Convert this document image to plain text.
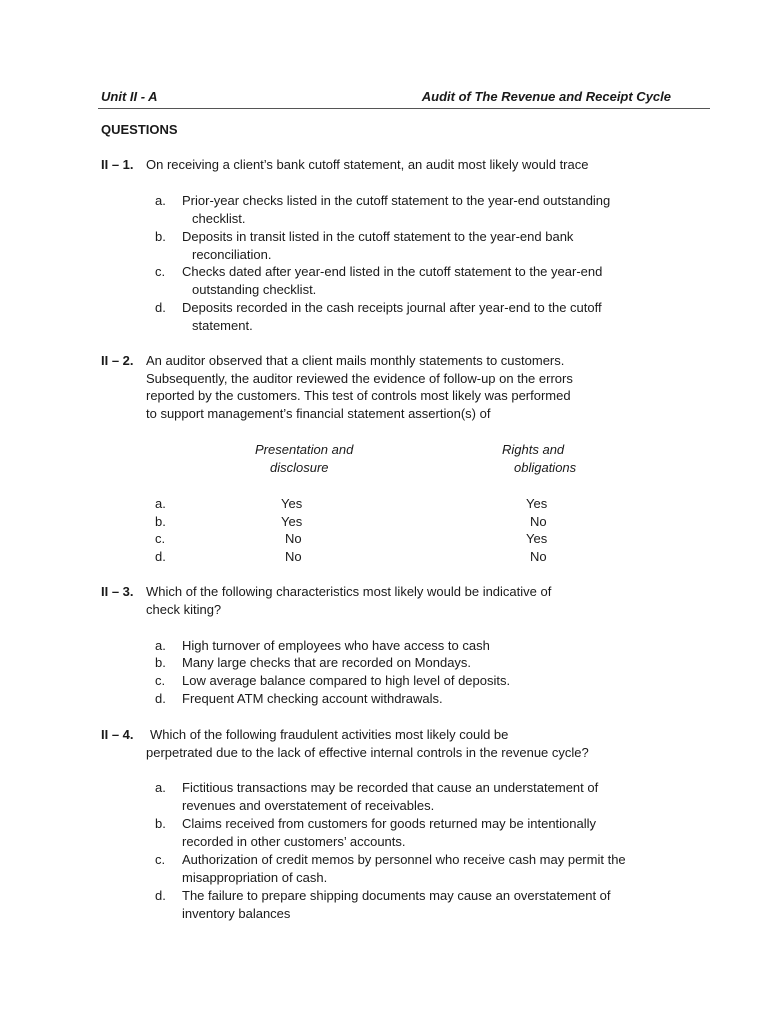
Unit II - A	Audit of The Revenue and Receipt Cycle
QUESTIONS
II – 1. On receiving a client’s bank cutoff statement, an audit most likely would trace
a. Prior-year checks listed in the cutoff statement to the year-end outstanding
checklist.
b. Deposits in transit listed in the cutoff statement to the year-end bank
reconciliation.
c. Checks dated after year-end listed in the cutoff statement to the year-end
outstanding checklist.
d. Deposits recorded in the cash receipts journal after year-end to the cutoff
statement.
II – 2. An auditor observed that a client mails monthly statements to customers.
Subsequently, the auditor reviewed the evidence of follow-up on the errors
reported by the customers. This test of controls most likely was performed
to support management’s financial statement assertion(s) of
Presentation and
disclosure
Rights and
obligations
a.	Yes	Yes
b.	Yes	No
c.	No	Yes
d.	No	No
II – 3. Which of the following characteristics most likely would be indicative of
check kiting?
a. High turnover of employees who have access to cash
b. Many large checks that are recorded on Mondays.
c. Low average balance compared to high level of deposits.
d. Frequent ATM checking account withdrawals.
II – 4. Which of the following fraudulent activities most likely could be
perpetrated due to the lack of effective internal controls in the revenue cycle?
a. Fictitious transactions may be recorded that cause an understatement of
revenues and overstatement of receivables.
b. Claims received from customers for goods returned may be intentionally
recorded in other customers’ accounts.
c. Authorization of credit memos by personnel who receive cash may permit the
misappropriation of cash.
d. The failure to prepare shipping documents may cause an overstatement of
inventory balances
